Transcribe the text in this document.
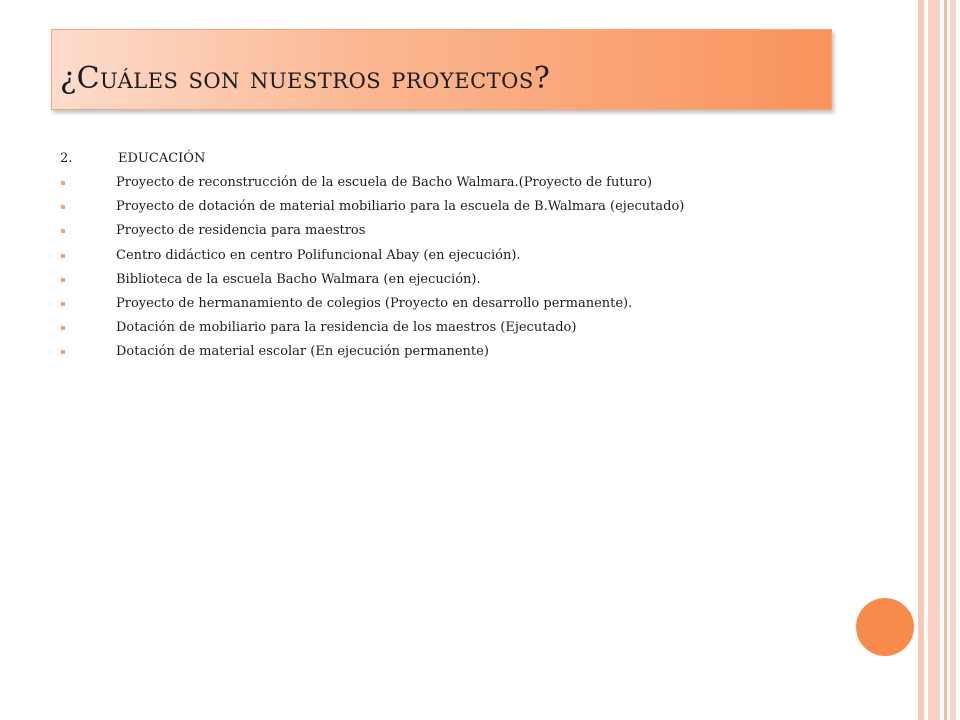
¿Cuáles son nuestros proyectos?
2.	EDUCACIÓN
Proyecto de reconstrucción de la escuela de Bacho Walmara.(Proyecto de futuro)
Proyecto de dotación de material mobiliario para la escuela de B.Walmara (ejecutado)
Proyecto de residencia para maestros
Centro didáctico en centro Polifuncional Abay (en ejecución).
Biblioteca de la escuela Bacho Walmara (en ejecución).
Proyecto de hermanamiento de colegios (Proyecto en desarrollo permanente).
Dotación de mobiliario para la residencia de los maestros (Ejecutado)
Dotación de material escolar (En ejecución permanente)
